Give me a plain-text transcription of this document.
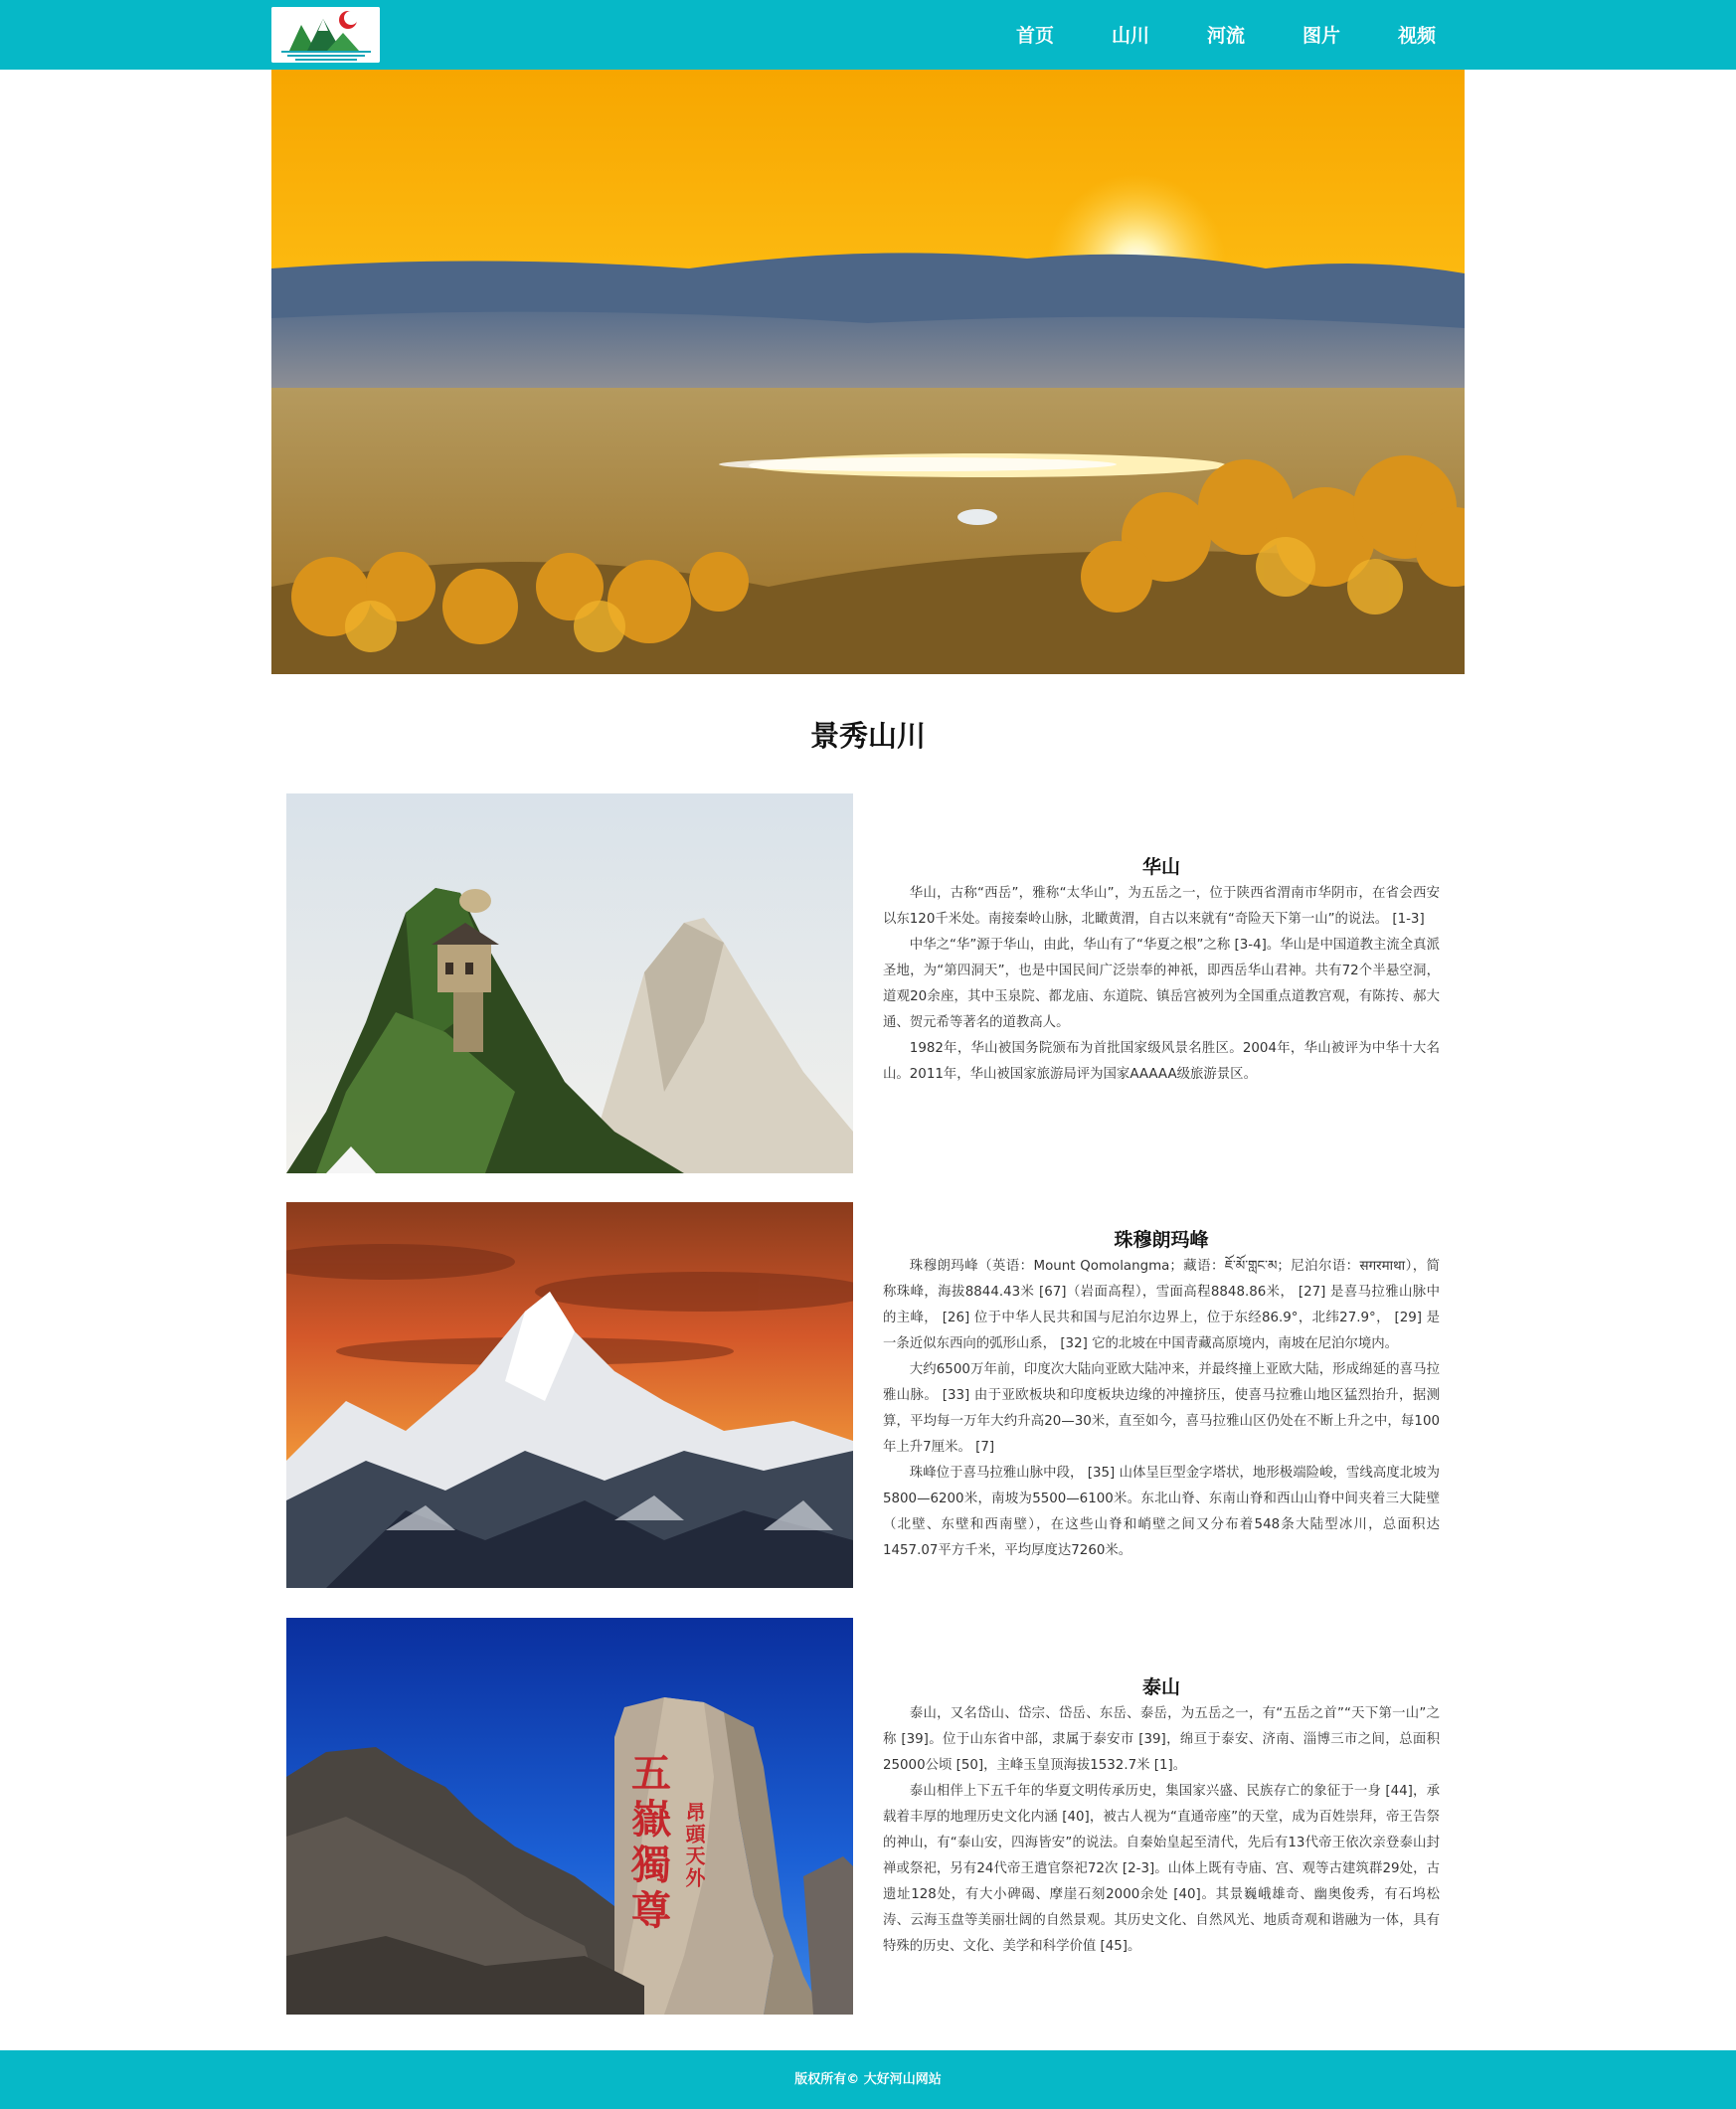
首页	山川	河流	图片	视频
景秀山川
华山

华山，古称“西岳”，雅称“太华山”，为五岳之一，位于陕西省渭南市华阴市，在省会西安以东120千米处。南接秦岭山脉，北瞰黄渭，自古以来就有“奇险天下第一山”的说法。 [1-3]

中华之“华”源于华山，由此，华山有了“华夏之根”之称 [3-4]。华山是中国道教主流全真派圣地，为“第四洞天”，也是中国民间广泛崇奉的神祇，即西岳华山君神。共有72个半悬空洞，道观20余座，其中玉泉院、都龙庙、东道院、镇岳宫被列为全国重点道教宫观，有陈抟、郝大通、贺元希等著名的道教高人。

1982年，华山被国务院颁布为首批国家级风景名胜区。2004年，华山被评为中华十大名山。2011年，华山被国家旅游局评为国家AAAAA级旅游景区。

珠穆朗玛峰

珠穆朗玛峰（英语：Mount Qomolangma；藏语：ཇོ་མོ་གླང་མ；尼泊尔语：सगरमाथा），简称珠峰，海拔8844.43米 [67]（岩面高程），雪面高程8848.86米， [27] 是喜马拉雅山脉中的主峰， [26] 位于中华人民共和国与尼泊尔边界上，位于东经86.9°，北纬27.9°， [29] 是一条近似东西向的弧形山系， [32] 它的北坡在中国青藏高原境内，南坡在尼泊尔境内。

大约6500万年前，印度次大陆向亚欧大陆冲来，并最终撞上亚欧大陆，形成绵延的喜马拉雅山脉。 [33] 由于亚欧板块和印度板块边缘的冲撞挤压，使喜马拉雅山地区猛烈抬升，据测算，平均每一万年大约升高20—30米，直至如今，喜马拉雅山区仍处在不断上升之中，每100年上升7厘米。 [7]

珠峰位于喜马拉雅山脉中段， [35] 山体呈巨型金字塔状，地形极端险峻，雪线高度北坡为5800—6200米，南坡为5500—6100米。东北山脊、东南山脊和西山山脊中间夹着三大陡壁（北壁、东壁和西南壁），在这些山脊和峭壁之间又分布着548条大陆型冰川，总面积达1457.07平方千米，平均厚度达7260米。

五嶽獨尊 昂頭天外
泰山

泰山，又名岱山、岱宗、岱岳、东岳、泰岳，为五岳之一，有“五岳之首”“天下第一山”之称 [39]。位于山东省中部，隶属于泰安市 [39]，绵亘于泰安、济南、淄博三市之间，总面积25000公顷 [50]，主峰玉皇顶海拔1532.7米 [1]。

泰山相伴上下五千年的华夏文明传承历史，集国家兴盛、民族存亡的象征于一身 [44]，承载着丰厚的地理历史文化内涵 [40]，被古人视为“直通帝座”的天堂，成为百姓崇拜，帝王告祭的神山，有“泰山安，四海皆安”的说法。自秦始皇起至清代，先后有13代帝王依次亲登泰山封禅或祭祀，另有24代帝王遣官祭祀72次 [2-3]。山体上既有寺庙、宫、观等古建筑群29处，古遗址128处，有大小碑碣、摩崖石刻2000余处 [40]。其景巍峨雄奇、幽奥俊秀，有石坞松涛、云海玉盘等美丽壮阔的自然景观。其历史文化、自然风光、地质奇观和谐融为一体，具有特殊的历史、文化、美学和科学价值 [45]。

版权所有© 大好河山网站
